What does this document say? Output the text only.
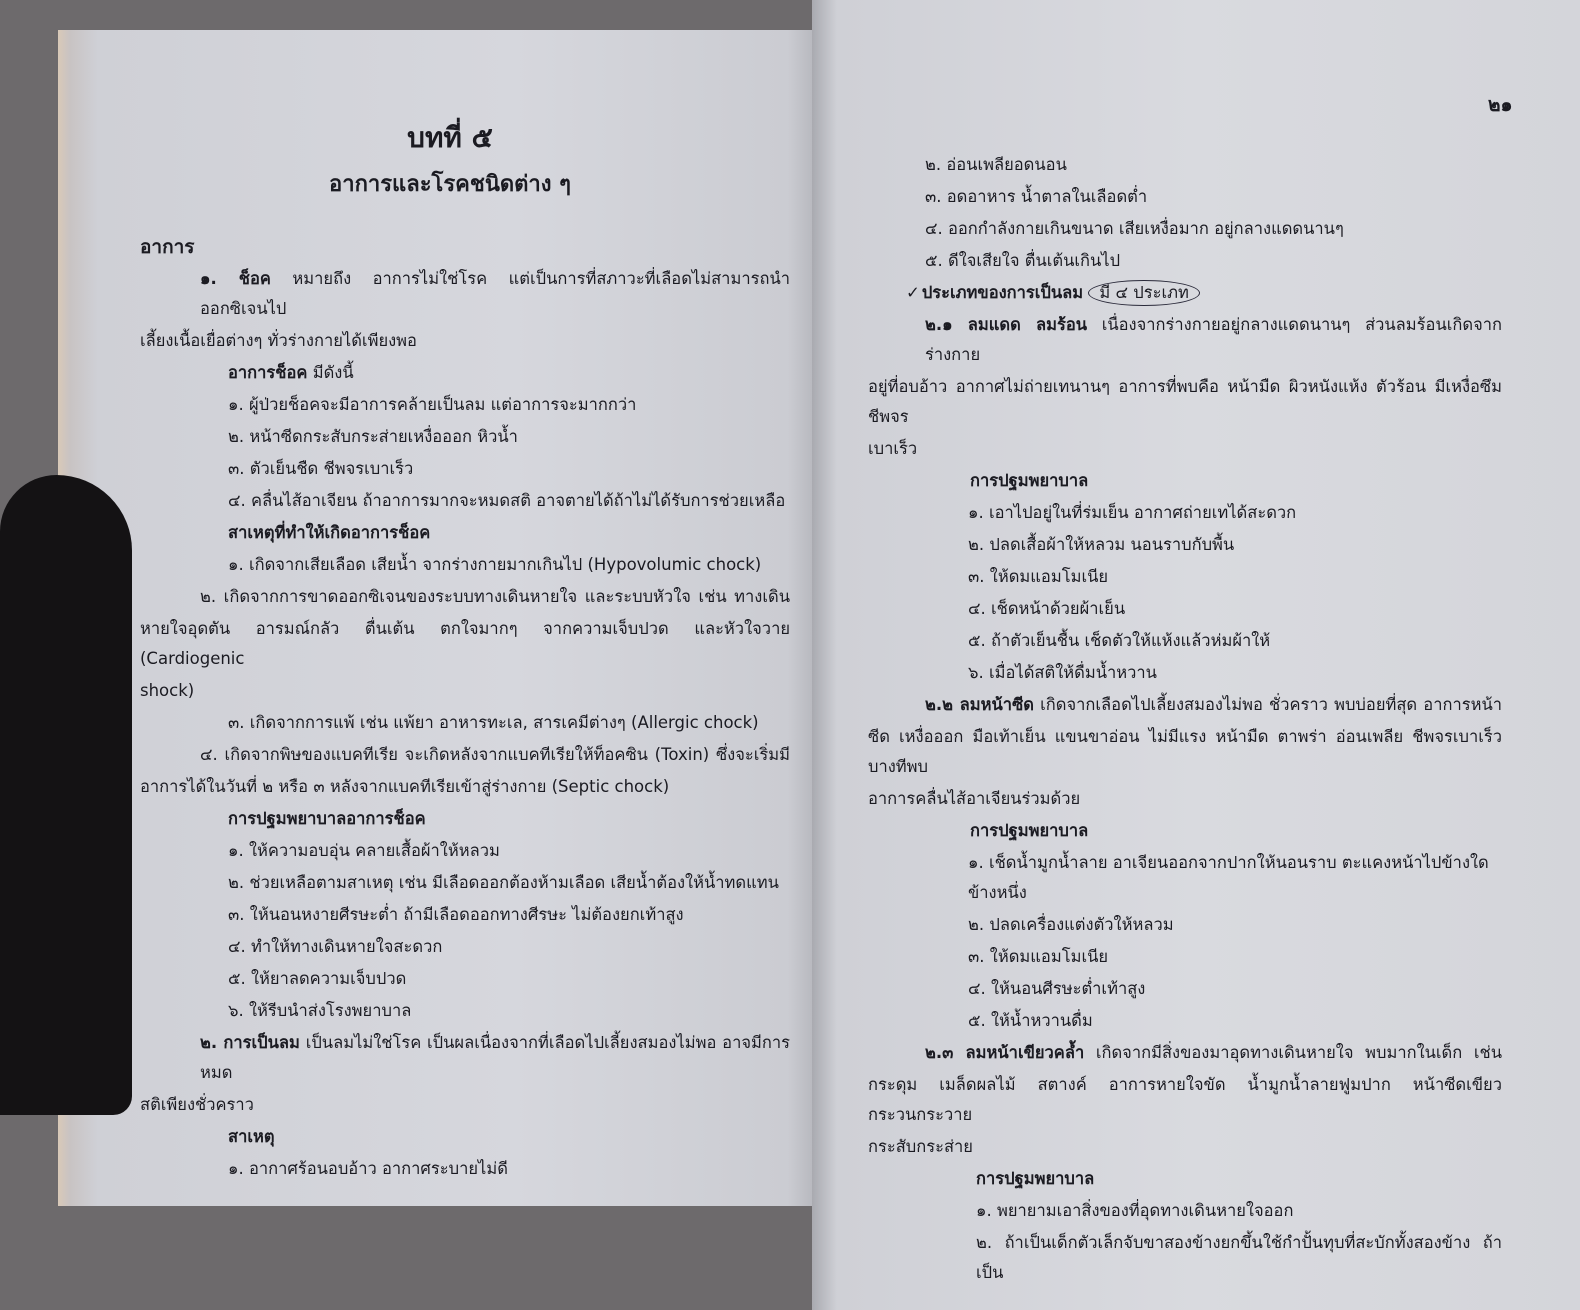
บทที่ ๕
อาการและโรคชนิดต่าง ๆ
อาการ
๑. ช็อค หมายถึง อาการไม่ใช่โรค แต่เป็นการที่สภาวะที่เลือดไม่สามารถนำออกซิเจนไป
เลี้ยงเนื้อเยื่อต่างๆ ทั่วร่างกายได้เพียงพอ
อาการช็อค มีดังนี้
๑. ผู้ป่วยช็อคจะมีอาการคล้ายเป็นลม แต่อาการจะมากกว่า
๒. หน้าซีดกระสับกระส่ายเหงื่อออก หิวน้ำ
๓. ตัวเย็นชืด ชีพจรเบาเร็ว
๔. คลื่นไส้อาเจียน ถ้าอาการมากจะหมดสติ อาจตายได้ถ้าไม่ได้รับการช่วยเหลือ
สาเหตุที่ทำให้เกิดอาการช็อค
๑. เกิดจากเสียเลือด เสียน้ำ จากร่างกายมากเกินไป (Hypovolumic chock)
๒. เกิดจากการขาดออกซิเจนของระบบทางเดินหายใจ และระบบหัวใจ เช่น ทางเดิน
หายใจอุดตัน อารมณ์กลัว ตื่นเต้น ตกใจมากๆ จากความเจ็บปวด และหัวใจวาย (Cardiogenic
shock)
๓. เกิดจากการแพ้ เช่น แพ้ยา อาหารทะเล, สารเคมีต่างๆ (Allergic chock)
๔. เกิดจากพิษของแบคทีเรีย จะเกิดหลังจากแบคทีเรียให้ท็อคซิน (Toxin) ซึ่งจะเริ่มมี
อาการได้ในวันที่ ๒ หรือ ๓ หลังจากแบคทีเรียเข้าสู่ร่างกาย (Septic chock)
การปฐมพยาบาลอาการช็อค
๑. ให้ความอบอุ่น คลายเสื้อผ้าให้หลวม
๒. ช่วยเหลือตามสาเหตุ เช่น มีเลือดออกต้องห้ามเลือด เสียน้ำต้องให้น้ำทดแทน
๓. ให้นอนหงายศีรษะต่ำ ถ้ามีเลือดออกทางศีรษะ ไม่ต้องยกเท้าสูง
๔. ทำให้ทางเดินหายใจสะดวก
๕. ให้ยาลดความเจ็บปวด
๖. ให้รีบนำส่งโรงพยาบาล
๒. การเป็นลม เป็นลมไม่ใช่โรค เป็นผลเนื่องจากที่เลือดไปเลี้ยงสมองไม่พอ อาจมีการหมด
สติเพียงชั่วคราว
สาเหตุ
๑. อากาศร้อนอบอ้าว อากาศระบายไม่ดี
๒๑
๒. อ่อนเพลียอดนอน
๓. อดอาหาร น้ำตาลในเลือดต่ำ
๔. ออกกำลังกายเกินขนาด เสียเหงื่อมาก อยู่กลางแดดนานๆ
๕. ดีใจเสียใจ ตื่นเต้นเกินไป
✓ ประเภทของการเป็นลม มี ๔ ประเภท
๒.๑ ลมแดด ลมร้อน เนื่องจากร่างกายอยู่กลางแดดนานๆ ส่วนลมร้อนเกิดจากร่างกาย
อยู่ที่อบอ้าว อากาศไม่ถ่ายเทนานๆ อาการที่พบคือ หน้ามืด ผิวหนังแห้ง ตัวร้อน มีเหงื่อซึมชีพจร
เบาเร็ว
การปฐมพยาบาล
๑. เอาไปอยู่ในที่ร่มเย็น อากาศถ่ายเทได้สะดวก
๒. ปลดเสื้อผ้าให้หลวม นอนราบกับพื้น
๓. ให้ดมแอมโมเนีย
๔. เช็ดหน้าด้วยผ้าเย็น
๕. ถ้าตัวเย็นชื้น เช็ดตัวให้แห้งแล้วห่มผ้าให้
๖. เมื่อได้สติให้ดื่มน้ำหวาน
๒.๒ ลมหน้าซีด เกิดจากเลือดไปเลี้ยงสมองไม่พอ ชั่วคราว พบบ่อยที่สุด อาการหน้า
ซีด เหงื่อออก มือเท้าเย็น แขนขาอ่อน ไม่มีแรง หน้ามืด ตาพร่า อ่อนเพลีย ชีพจรเบาเร็ว บางทีพบ
อาการคลื่นไส้อาเจียนร่วมด้วย
การปฐมพยาบาล
๑. เช็ดน้ำมูกน้ำลาย อาเจียนออกจากปากให้นอนราบ ตะแคงหน้าไปข้างใดข้างหนึ่ง
๒. ปลดเครื่องแต่งตัวให้หลวม
๓. ให้ดมแอมโมเนีย
๔. ให้นอนศีรษะต่ำเท้าสูง
๕. ให้น้ำหวานดื่ม
๒.๓ ลมหน้าเขียวคล้ำ เกิดจากมีสิ่งของมาอุดทางเดินหายใจ พบมากในเด็ก เช่น
กระดุม เมล็ดผลไม้ สตางค์ อาการหายใจขัด น้ำมูกน้ำลายฟูมปาก หน้าซีดเขียว กระวนกระวาย
กระสับกระส่าย
การปฐมพยาบาล
๑. พยายามเอาสิ่งของที่อุดทางเดินหายใจออก
๒. ถ้าเป็นเด็กตัวเล็กจับขาสองข้างยกขึ้นใช้กำปั้นทุบที่สะบักทั้งสองข้าง ถ้าเป็น
